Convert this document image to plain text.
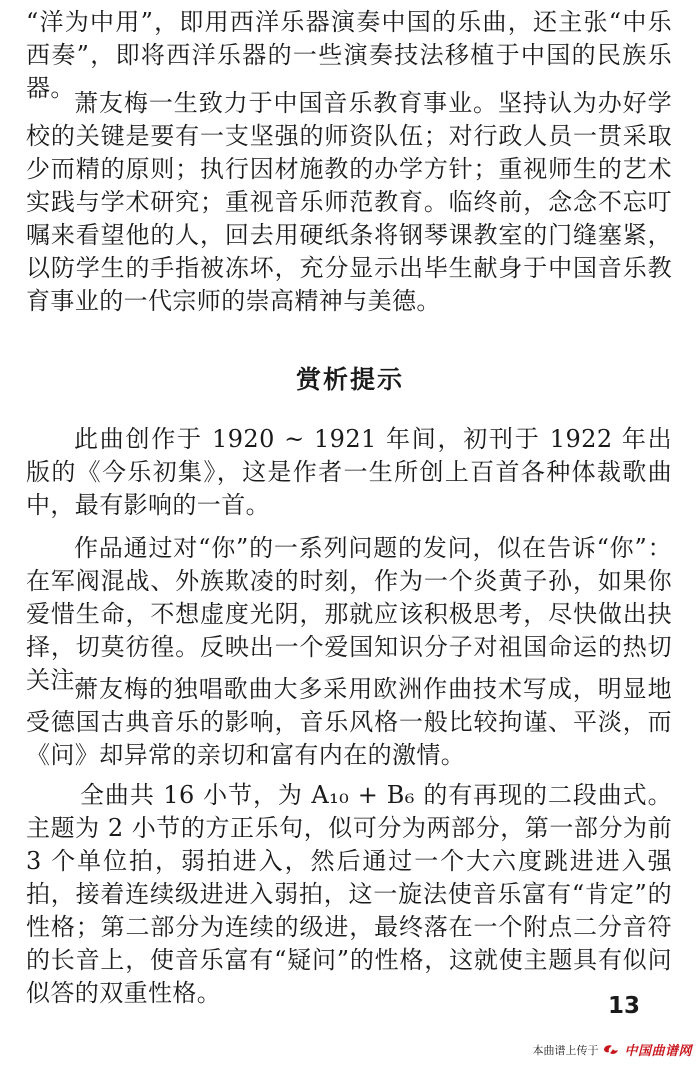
“洋为中用”，即用西洋乐器演奏中国的乐曲，还主张“中乐西奏”，即将西洋乐器的一些演奏技法移植于中国的民族乐器。

萧友梅一生致力于中国音乐教育事业。坚持认为办好学校的关键是要有一支坚强的师资队伍；对行政人员一贯采取少而精的原则；执行因材施教的办学方针；重视师生的艺术实践与学术研究；重视音乐师范教育。临终前，念念不忘叮嘱来看望他的人，回去用硬纸条将钢琴课教室的门缝塞紧，以防学生的手指被冻坏，充分显示出毕生献身于中国音乐教育事业的一代宗师的崇高精神与美德。

赏析提示

此曲创作于 1920 ~ 1921 年间，初刊于 1922 年出版的《今乐初集》，这是作者一生所创上百首各种体裁歌曲中，最有影响的一首。

作品通过对“你”的一系列问题的发问，似在告诉“你”：在军阀混战、外族欺凌的时刻，作为一个炎黄子孙，如果你爱惜生命，不想虚度光阴，那就应该积极思考，尽快做出抉择，切莫彷徨。反映出一个爱国知识分子对祖国命运的热切关注。

萧友梅的独唱歌曲大多采用欧洲作曲技术写成，明显地受德国古典音乐的影响，音乐风格一般比较拘谨、平淡，而《问》却异常的亲切和富有内在的激情。

全曲共 16 小节，为 A₁₀ + B₆ 的有再现的二段曲式。主题为 2 小节的方正乐句，似可分为两部分，第一部分为前 3 个单位拍，弱拍进入，然后通过一个大六度跳进进入强拍，接着连续级进进入弱拍，这一旋法使音乐富有“肯定”的性格；第二部分为连续的级进，最终落在一个附点二分音符的长音上，使音乐富有“疑问”的性格，这就使主题具有似问似答的双重性格。	13
本曲谱上传于 中国曲谱网
